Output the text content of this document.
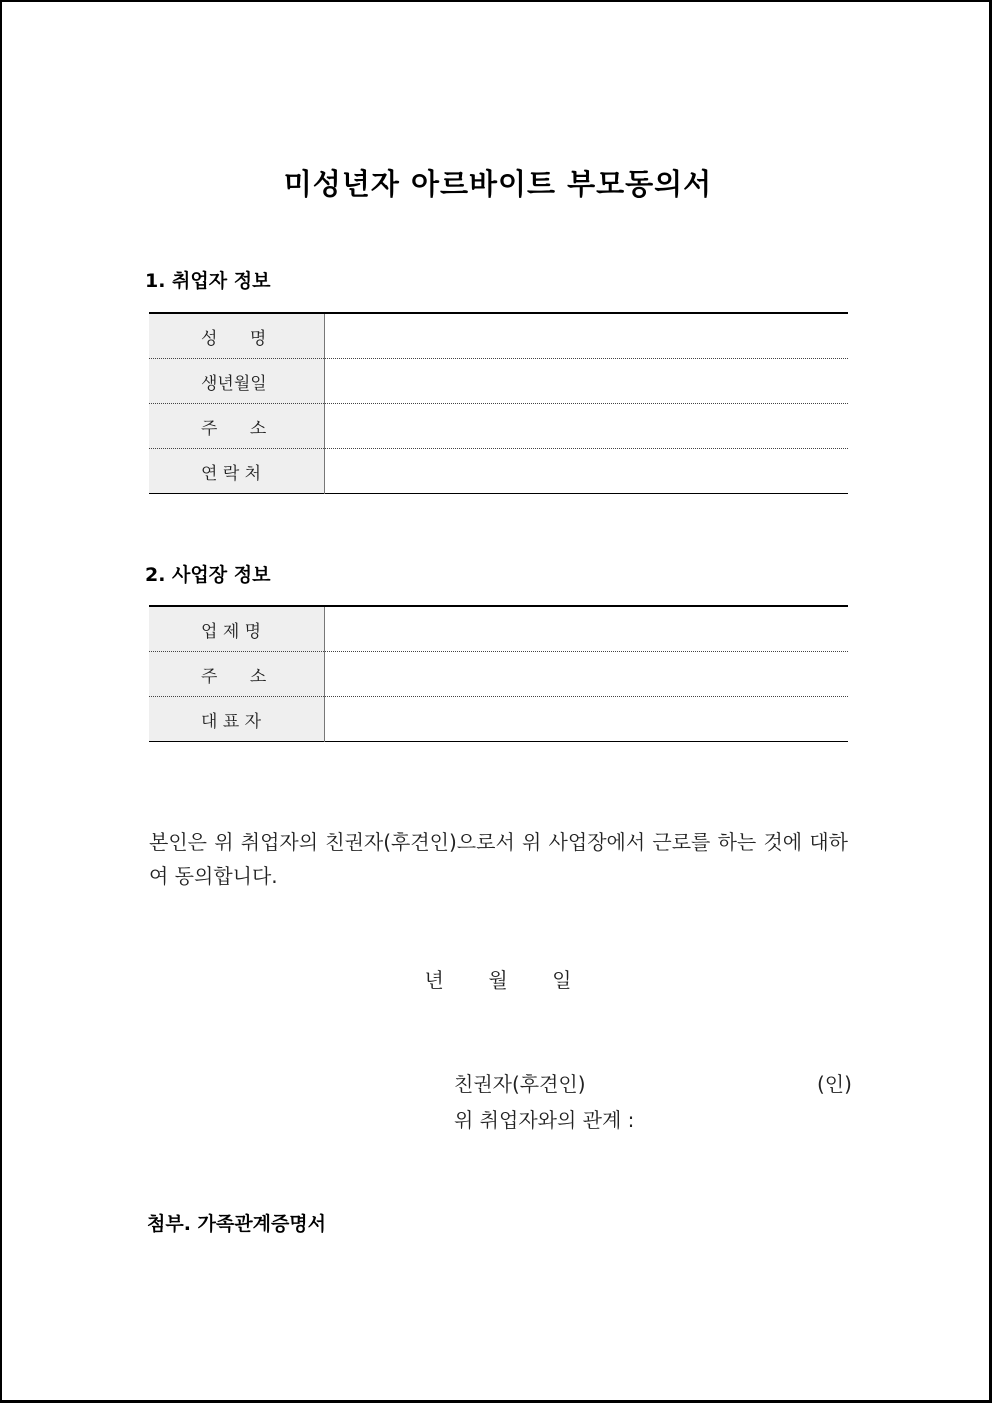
미성년자 아르바이트 부모동의서
1. 취업자 정보
성      명	
생년월일	
주      소	
연 락 처	
2. 사업장 정보
업 제 명	
주      소	
대 표 자	
본인은 위 취업자의 친권자(후견인)으로서 위 사업장에서 근로를 하는 것에 대하여 동의합니다.
년       월       일
친권자(후견인)	(인)
위 취업자와의 관계 :
첨부. 가족관계증명서
